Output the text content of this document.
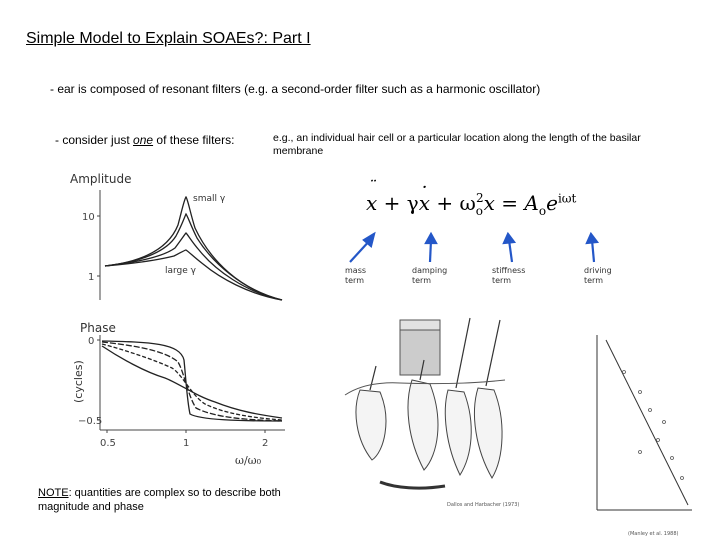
Simple Model to Explain SOAEs?: Part I
- ear is composed of resonant filters (e.g. a second-order filter such as a harmonic oscillator)
- consider just one of these filters:	e.g., an individual hair cell or a particular location along the length of the basilar membrane
¨ $x + \gamma\cdot x + \omega_o^2x = A_oe^{i\omega t}$
mass
term
damping
term
stiffness
term
driving
term
Amplitude
10
1
small γ
large γ
Phase
0
−0.5
(cycles)
0.5	1	2
ω/ω₀
Dallos and Harbacher (1973)
(Manley et al. 1988)
NOTE: quantities are complex so to describe both magnitude and phase
